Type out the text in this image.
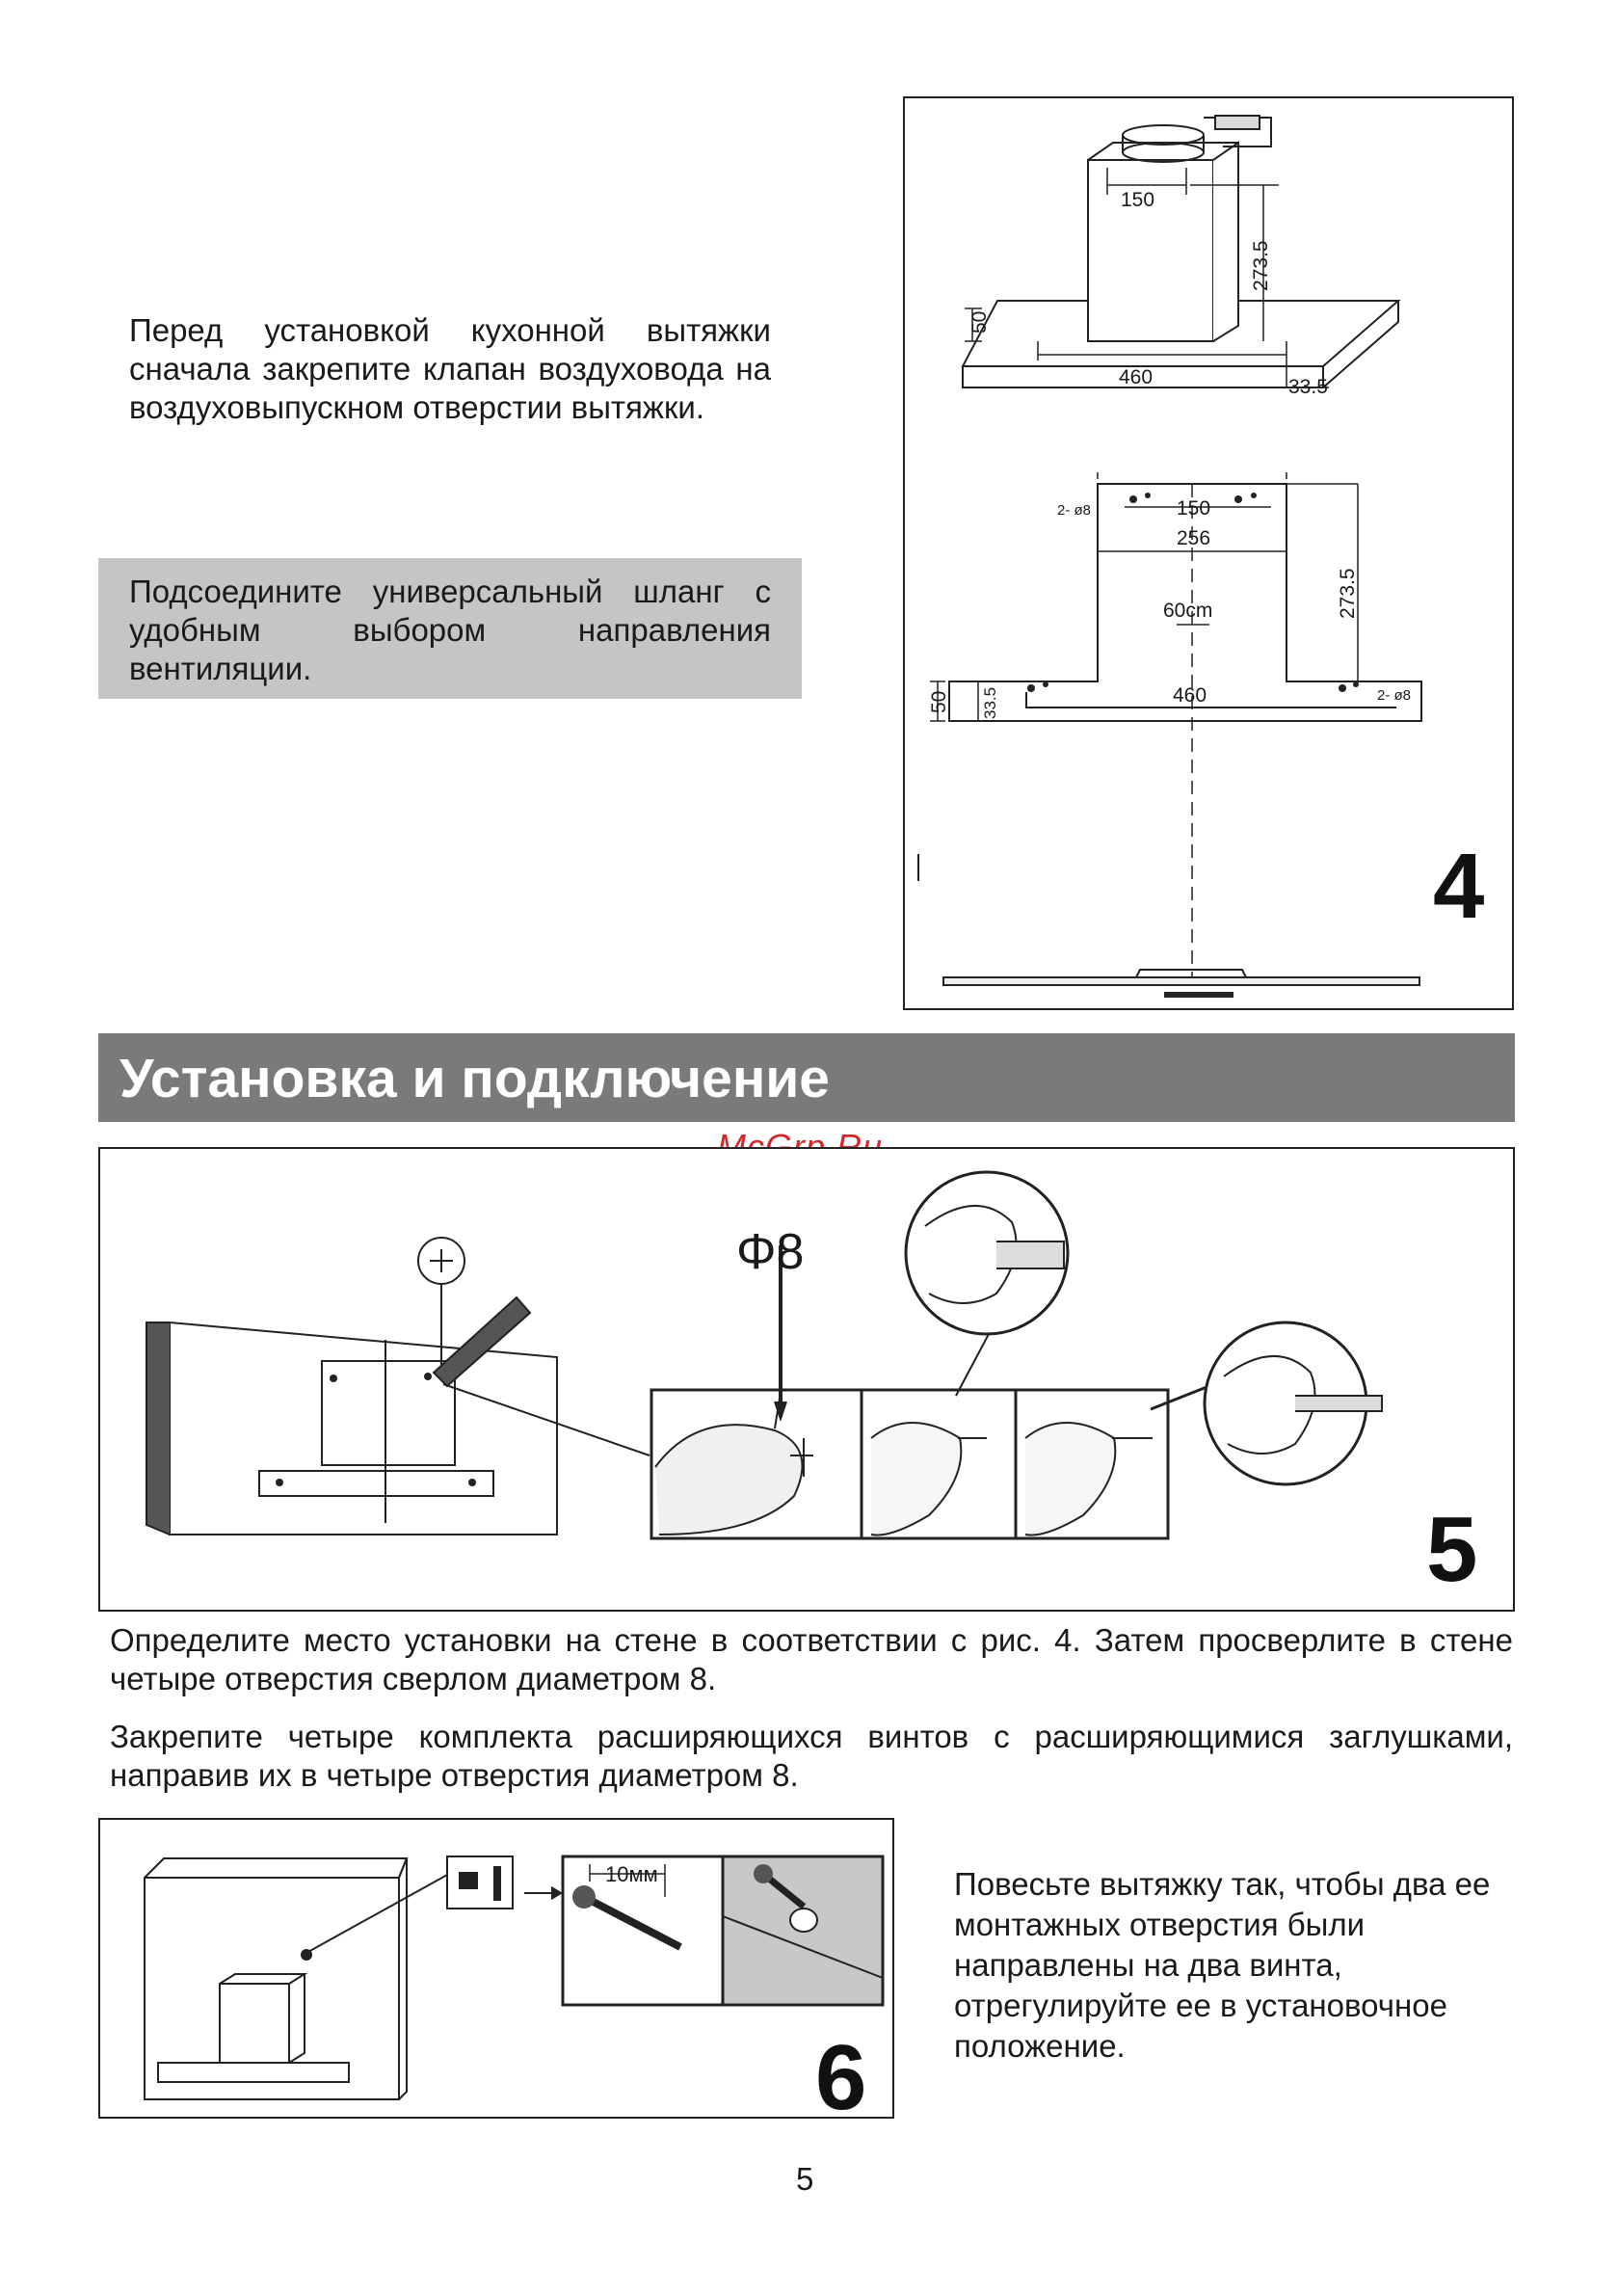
Перед установкой кухонной вытяжки сначала закрепите клапан воздуховода на воздуховыпускном отверстии вытяжки.
Подсоедините универсальный шланг с удобным выбором направления вентиляции.
150
273.5
50
460	33.5
2- ø8	150
256
273.5
60cm
50 33.5	460	2- ø8
4
Установка и подключение
Φ8
5
Определите место установки на стене в соответствии с рис. 4. Затем просверлите в стене четыре отверстия сверлом диаметром 8.
Закрепите четыре комплекта расширяющихся винтов с расширяющимися заглушками, направив их в четыре отверстия диаметром 8.
10мм
6
Повесьте вытяжку так, чтобы два ее монтажных отверстия были направлены на два винта, отрегулируйте ее в установочное положение.
5
